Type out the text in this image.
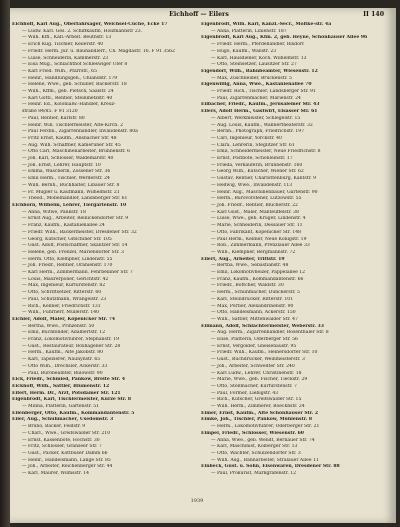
Eichhoff — Eilers	II 140
Eichhoff, Karl Aug., Oberfahrsager, Weichsel-Cuche, Ecke 17
— Ludw. Karl. Ges. 2. Schiffkaufm, Holzmannstr 23.
— Wilh. Kffl., Kafl.-Arbeit. Beuthstr. 13
— Erich Kug. Tischler, Keilerstr. 40
— Friedr. Herm. Jur. u. Bauhändlerr., Ch. Magdastr. 16. F 91 3562
— Luise, Schneiderin, Kammerstr. 23
— Eisa Mug., Schlachthof Schleswiger Ufer 8
— Karl Fried. Wilh., Pfarrstr., 65
— Heinr., Handlungsgeh., Uhlandstr. 179
— Helene, Wwe., geb. Schuller, Backerstr. 18
— Wilh., Kffm., geb. Pietsch, Saalstr. 24
— Karl Gottl., Rentier, Steinmetzstr. 40
— Heinr. Ed., Kolonialw.-Händler, Kreuz-
straße 84/85. F 91 3120
— Paul, Rentier, Karlstr. 80
— Heinr. Will. Tischlermeister, Alte-Kirch. 2
— Paul Ferdin., Zigarrenhändler, Invalidenstr. 80a
— Fritz Ernst, Kaufm., Ansbacher Str. 48
— Aug. Wilh. Schaffner, Kameruner Str. 45
— Otto Carl, Maschinenarbeiter, Brunnenstr. 6
— Joh. Karl, Schlosser, Waldemarstr. 40
— Joh. Ernst, Lehrer, Hauptstr. 10
— Emma, Wäscherin, Zossener Str. 36
— Emil Herm., Tischler, Werderstr. 24
— Wilh. Bernh., Buchhalter, Libauer Str. 8
— Fr. Mugler u. Kaufmann, Wilhelmstr. 21
— Theod., Möbelhändler, Landsberger Str. 61
Eichhorn, Wilhelm, Lehrer, Tiergartenstr. 10
— Anna, Witwe, Pankstr. 18
— Ernst Aug., Arbeiter, Reinickendorfer Str. 9
— Franz, Kaufm., Kastanienallee 24
— Friedr. Wilh., Bäckermeister, Dresdener Str. 32
— Georg, Kutscher, Gitschiner Str. 105
— Gust. Adolf, Postschaffner, Skalitzer Str. 14
— Helene, geb. Frenzel, Mariendorfer Str. 3
— Herm. Otto, Klempner, Lindenstr. 55
— Joh. Friedr., Rentier, Oranienstr. 170
— Karl Herm., Zimmermann, Fehrbelliner Str. 7
— Louis, Maurerpolier, Gerichtstr. 42
— Max, Ingenieur, Kurfürstenstr. 82
— Otto, Schriftsetzer, Ritterstr. 60
— Paul, Schutzmann, Wrangelstr. 23
— Rich., Kellner, Friedrichstr. 131
— Wilh., Fuhrherr, Müllerstr. 140
Eichler, Adolf, Maler, Köpenicker Str. 74
— Bertha, Wwe., Prinzenstr. 50
— Emil, Buchbinder, Adalbertstr. 12
— Franz, Lokomotivführer, Stephanstr. 19
— Gust., Restaurateur, Boxhagener Str. 28
— Herm., Kaufm., Alte Jakobstr. 80
— Karl, Tapezierer, Naunynstr. 65
— Otto Wilh., Drechsler, Ackerstr. 33
— Paul, Bürobeamter, Bülowstr. 90
Eick, Friedr., Schmied, Pankow, Breite Str. 4
Eickhoff, Wilh., Sattler, Blumenstr. 12
Eifert, Herm. Dr., Arzt, Potsdamer Str. 121
Eigenbrodt, Karl, Tischlermeister, Kurze Str. 8
— Minna, Plätterin, Gartenstr. 51
Eilenberger, Otto, Kaufm., Kommandantenstr. 5
Eiler, Aug., Schuhmacher, Usedomstr. 3
— Bruno, Bäcker, Feldstr. 9
— Charl., Wwe., Greifswalder Str. 210
— Ernst, Kassenbote, Hochstr. 30
— Fritz, Schlosser, Granseer Str. 7
— Gust., Packer, Kottbuser Damm 66
— Heinr., Handelsmann, Lange Str. 85
— Joh., Arbeiter, Reichenberger Str. 44
— Karl, Maurer, Wilmsstr. 14
Eigenbrodt, Wilh. Karl, Kanzl.-Secr., Moltke-str. 4a
— Anna, Plätterin, Linienstr. 187
Eigenbrodt, Karl Aug., Kfm. 2, geb. Heyne, Schönhauser Allee 96
— Friedr. Herm., Pferdehändler, Rixdorf
— Hugo, Kaufm., Wallstr. 23
— Karl, Hausdiener, Koch. Wilhelmstr. 13
— Otto, Steinsetzer, Lausitzer Str. 27
Eigendorf, Wilh., Bahnbeamter, Wiesenstr. 12
— Max, Zuschneider, Brückenstr. 5
Eigenwillig, Anna, Wwe., Kastanienallee 70
— Friedr. Rich., Tischler, Landsberger Str. 91
— Paul, Zigarrenmacher, Marienstr. 24
Eilbacher, Friedr., Kaufm., Jerusalemer Str. 43
Eilers, Adolf Herm., Gastwirt, Elsasser Str. 61
— Albert, Werkmeister, Schlegelstr. 15
— Aug. Louis, Kaufm., Wallnertheaterstr. 32
— Bernh., Photograph, Friedrichstr. 197
— Carl, Ingenieur, Yorckstr. 40
— Clara, Lehrerin, Steglitzer Str. 61
— Emil, Schneidermeister, Neue Friedrichstr. 8
— Ernst, Postbote, Schönleinstr. 17
— Frieda, Verkäuferin, Brunnenstr. 160
— Georg Wilh., Kutscher, Wiener Str. 62
— Gustav, Rentier, Charlottenburg, Kantstr. 9
— Hedwig, Wwe., Invalidenstr. 113
— Heinr. Aug., Maschinenbauer, Gartenstr. 90
— Herm., Bürovorsteher, Lützowstr. 55
— Joh. Friedr., Rentier, Blücherstr. 22
— Karl Gust., Maler, Manteuffelstr. 38
— Luise, Wwe., geb. Krüger, Lindenstr. 4
— Marie, Schneiderin, Dessauer Str. 11
— Otto, Fabrikant, Köpenicker Str. 148
— Paul Herm., Kellner, Neue Königstr. 19
— Rob., Zimmermann, Prenzlauer Allee 33
— Wilh., Klempner, Bergmannstr. 72
Eilert, Aug., Arbeiter, Triftstr. 19
— Bertha, Wwe., Sebastianstr. 48
— Emil, Lokomotivheizer, Pappelallee 12
— Franz, Kaufm., Kommandantenstr. 66
— Friedr., Böttcher, Waldstr. 30
— Herm., Schuhmacher, Dunckerstr. 5
— Karl, Steindrucker, Ritterstr. 101
— Max, Portier, Alexandrinenstr. 90
— Otto, Handelsmann, Ackerstr. 150
— Wilh., Sattler, Mittenwalder Str. 47
Eilmann, Adolf, Schlächtermeister, Weberstr. 33
— Aug. Herm., Zigarrenhändler, Rosenthaler Str. 8
— Elise, Plätterin, Oderberger Str. 56
— Ernst, Vergolder, Gneisenaustr. 95
— Friedr. Wilh., Kaufm., Heinersdorfer Str. 10
— Gust., Buchdrucker, Weinmeisterstr. 3
— Joh., Arbeiter, Schwedter Str. 240
— Karl Ludw., Lehrer, Christinenstr. 18
— Marie, Wwe., geb. Fischer, Tieckstr. 29
— Otto, Stellmacher, Kurfürstenstr. 7
— Paul, Former, Liebigstr. 43
— Rich., Kutscher, Greifswalder Str. 15
— Wilh. Herm., Zimmerer, Boeckhstr. 24
Eimer, Ernst, Kaufm., Alte Schönhauser Str. 2
Eimke, Joh., Tischler, Pankow, Mühlenstr. 8
— Herm., Lokomotivführer, Oderberger Str. 21
Eimpel, Friedr., Schlosser, Wiesenstr. 60
— Anna, Wwe., geb. Wendt, Bernauer Str. 74
— Karl, Maschinist, Kolberger Str. 13
— Otto, Wächter, Schulzendorfer Str. 3
— Wilh. Aug., Bahnarbeiter, Stralauer Allee 11
Einbeck, Gust. u. Sohn, Eisenwaren, Dresdener Str. 88
— Paul, Prokurist, Markgrafenstr. 12
1939
